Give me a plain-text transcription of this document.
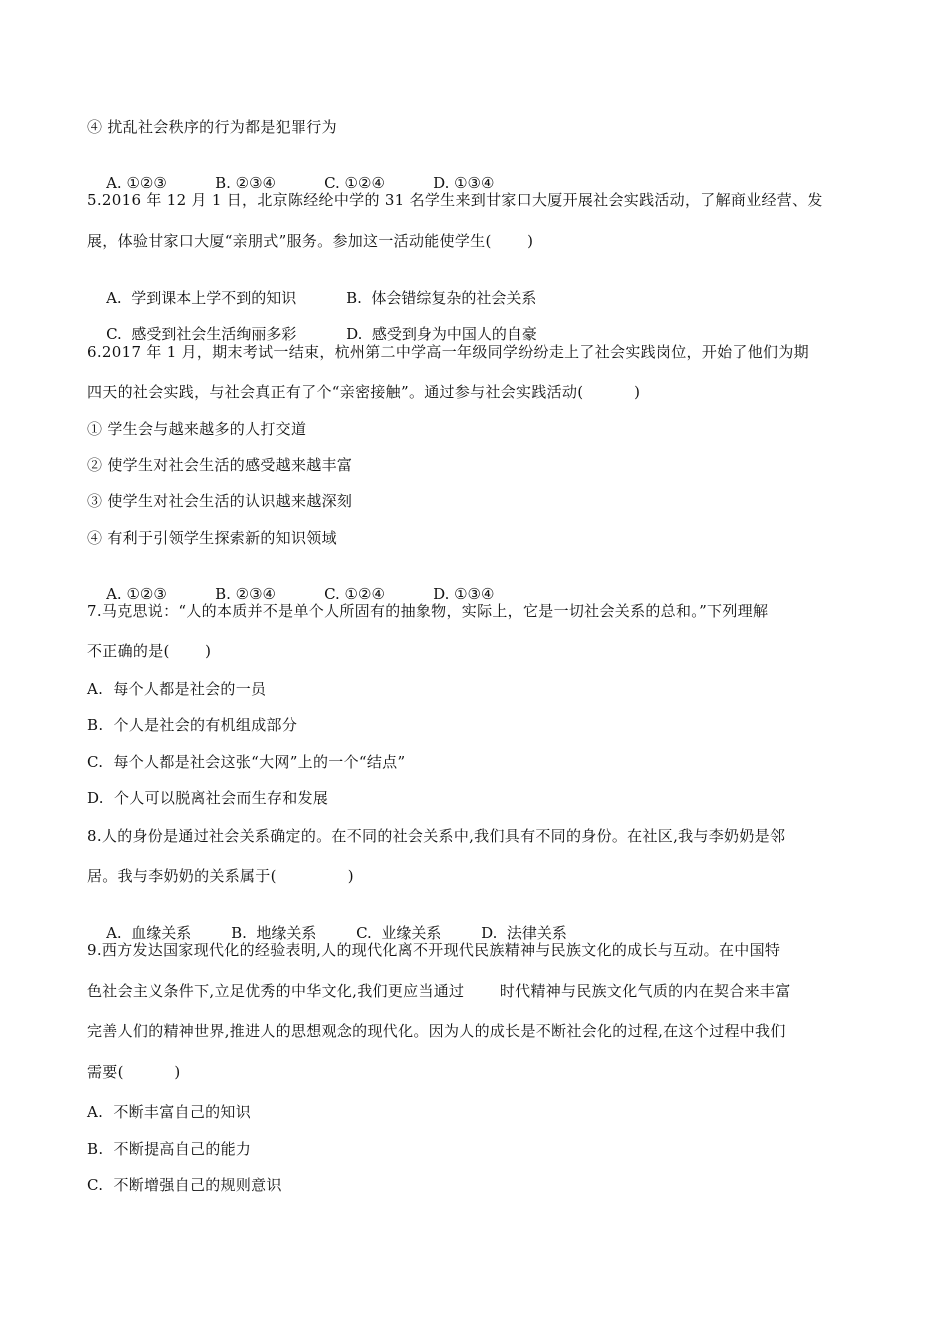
④ 扰乱社会秩序的行为都是犯罪行为

A. ①②③	B. ②③④	C. ①②④	D. ①③④

5.2016 年 12 月 1 日，北京陈经纶中学的 31 名学生来到甘家口大厦开展社会实践活动，了解商业经营、发
展，体验甘家口大厦“亲朋式”服务。参加这一活动能使学生(       )

A.  学到课本上学不到的知识	B.  体会错综复杂的社会关系

C.  感受到社会生活绚丽多彩	D.  感受到身为中国人的自豪

6.2017 年 1 月，期末考试一结束，杭州第二中学高一年级同学纷纷走上了社会实践岗位，开始了他们为期
四天的社会实践，与社会真正有了个“亲密接触”。通过参与社会实践活动(          )
① 学生会与越来越多的人打交道
② 使学生对社会生活的感受越来越丰富
③ 使学生对社会生活的认识越来越深刻
④ 有利于引领学生探索新的知识领域

A. ①②③	B. ②③④	C. ①②④	D. ①③④

7.马克思说：“人的本质并不是单个人所固有的抽象物，实际上，它是一切社会关系的总和。”下列理解
不正确的是(       )
A.  每个人都是社会的一员
B.  个人是社会的有机组成部分
C.  每个人都是社会这张“大网”上的一个“结点”
D.  个人可以脱离社会而生存和发展
8.人的身份是通过社会关系确定的。在不同的社会关系中,我们具有不同的身份。在社区,我与李奶奶是邻
居。我与李奶奶的关系属于(              )

A.  血缘关系	B.  地缘关系	C.  业缘关系	D.  法律关系

9.西方发达国家现代化的经验表明,人的现代化离不开现代民族精神与民族文化的成长与互动。在中国特
色社会主义条件下,立足优秀的中华文化,我们更应当通过       时代精神与民族文化气质的内在契合来丰富
完善人们的精神世界,推进人的思想观念的现代化。因为人的成长是不断社会化的过程,在这个过程中我们
需要(          )
A.  不断丰富自己的知识
B.  不断提高自己的能力
C.  不断增强自己的规则意识
